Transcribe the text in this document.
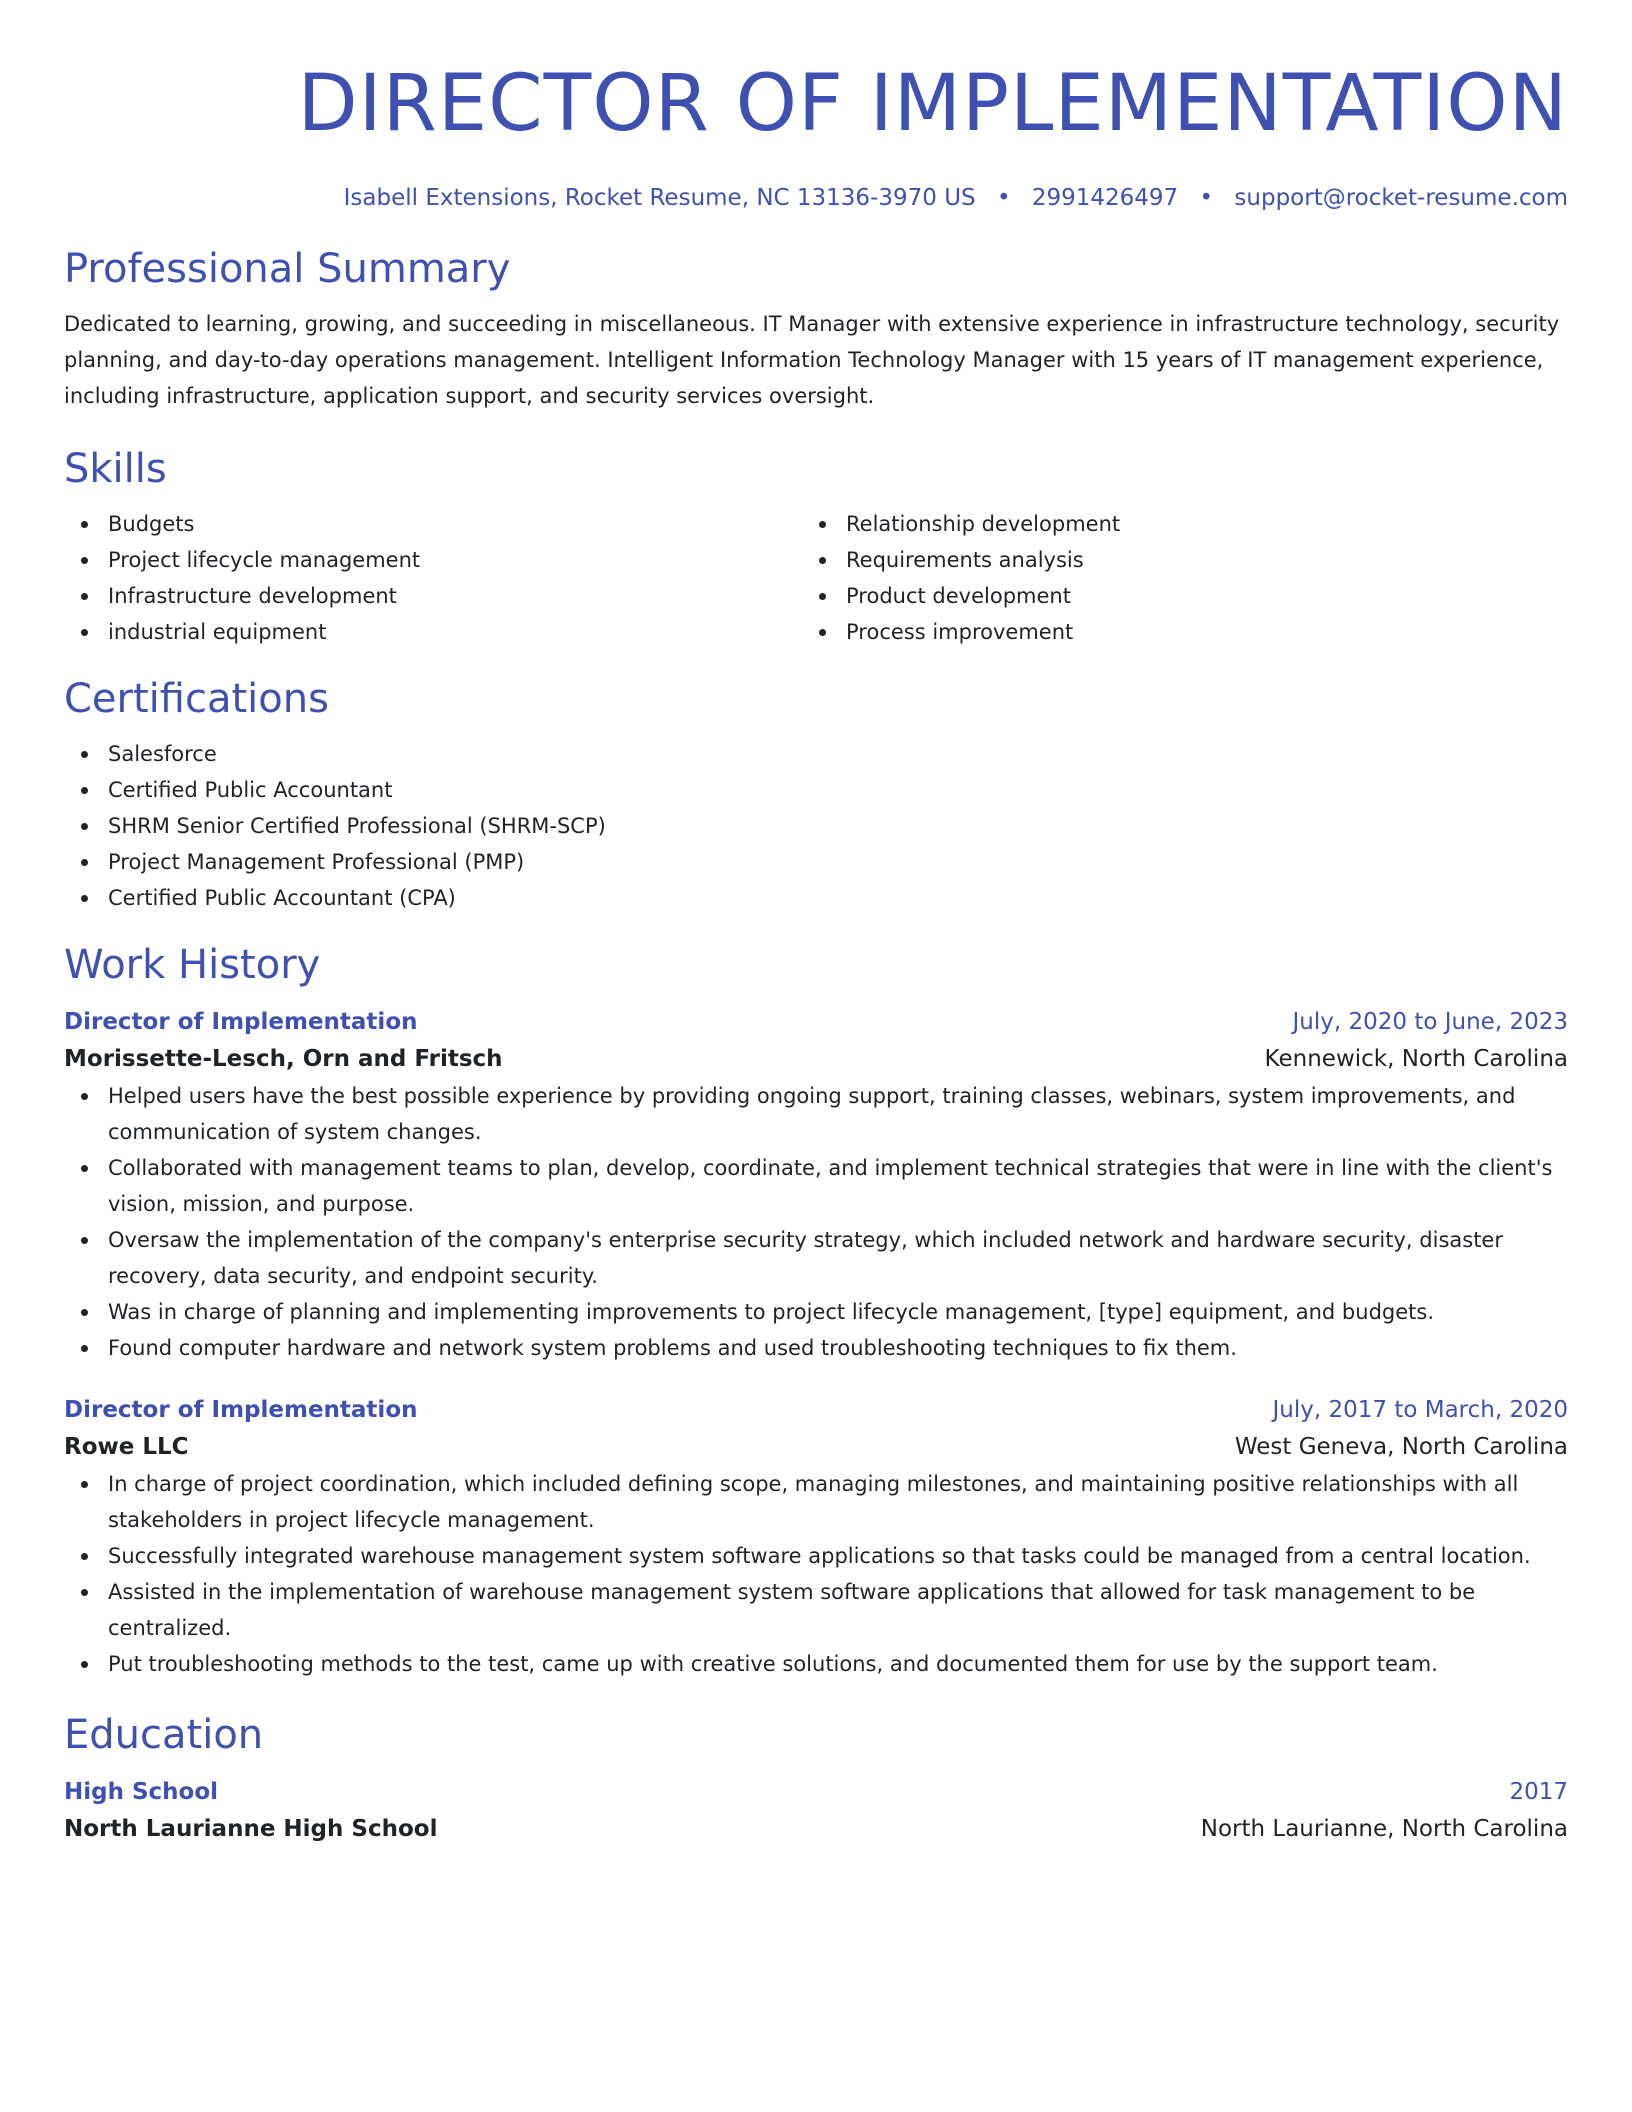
DIRECTOR OF IMPLEMENTATION
Isabell Extensions, Rocket Resume, NC 13136-3970 US • 2991426497 • support@rocket-resume.com
Professional Summary

Dedicated to learning, growing, and succeeding in miscellaneous. IT Manager with extensive experience in infrastructure technology, security planning, and day-to-day operations management. Intelligent Information Technology Manager with 15 years of IT management experience, including infrastructure, application support, and security services oversight.

Skills
Budgets
Project lifecycle management
Infrastructure development
industrial equipment
Relationship development
Requirements analysis
Product development
Process improvement
Certifications
Salesforce
Certified Public Accountant
SHRM Senior Certified Professional (SHRM-SCP)
Project Management Professional (PMP)
Certified Public Accountant (CPA)
Work History
Director of Implementation	July, 2020 to June, 2023
Morissette-Lesch, Orn and Fritsch	Kennewick, North Carolina
Helped users have the best possible experience by providing ongoing support, training classes, webinars, system improvements, and communication of system changes.
Collaborated with management teams to plan, develop, coordinate, and implement technical strategies that were in line with the client's vision, mission, and purpose.
Oversaw the implementation of the company's enterprise security strategy, which included network and hardware security, disaster recovery, data security, and endpoint security.
Was in charge of planning and implementing improvements to project lifecycle management, [type] equipment, and budgets.
Found computer hardware and network system problems and used troubleshooting techniques to fix them.
Director of Implementation	July, 2017 to March, 2020
Rowe LLC	West Geneva, North Carolina
In charge of project coordination, which included defining scope, managing milestones, and maintaining positive relationships with all stakeholders in project lifecycle management.
Successfully integrated warehouse management system software applications so that tasks could be managed from a central location.
Assisted in the implementation of warehouse management system software applications that allowed for task management to be centralized.
Put troubleshooting methods to the test, came up with creative solutions, and documented them for use by the support team.
Education
High School	2017
North Laurianne High School	North Laurianne, North Carolina
